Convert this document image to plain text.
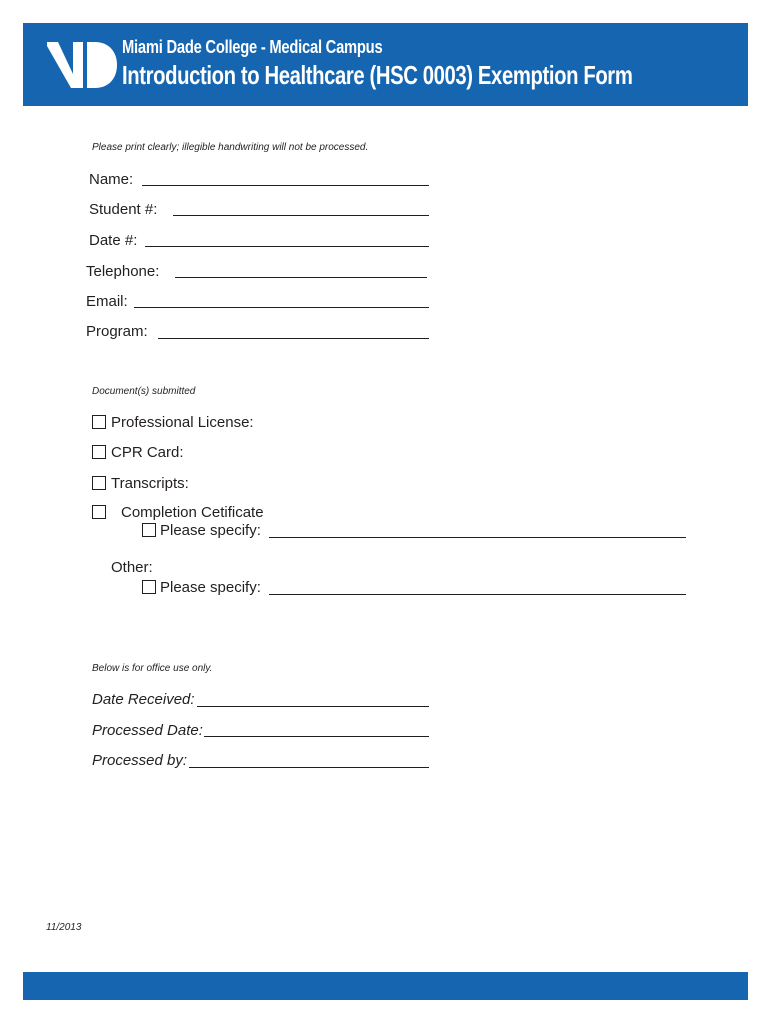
Miami Dade College - Medical Campus
Introduction to Healthcare (HSC 0003) Exemption Form
Please print clearly; illegible handwriting will not be processed.
Name:
Student #:
Date #:
Telephone:
Email:
Program:
Document(s) submitted
Professional License:
CPR Card:
Transcripts:
Completion Cetificate
Please specify:
Other:
Please specify:
Below is for office use only.
Date Received:
Processed Date:
Processed by:
11/2013
